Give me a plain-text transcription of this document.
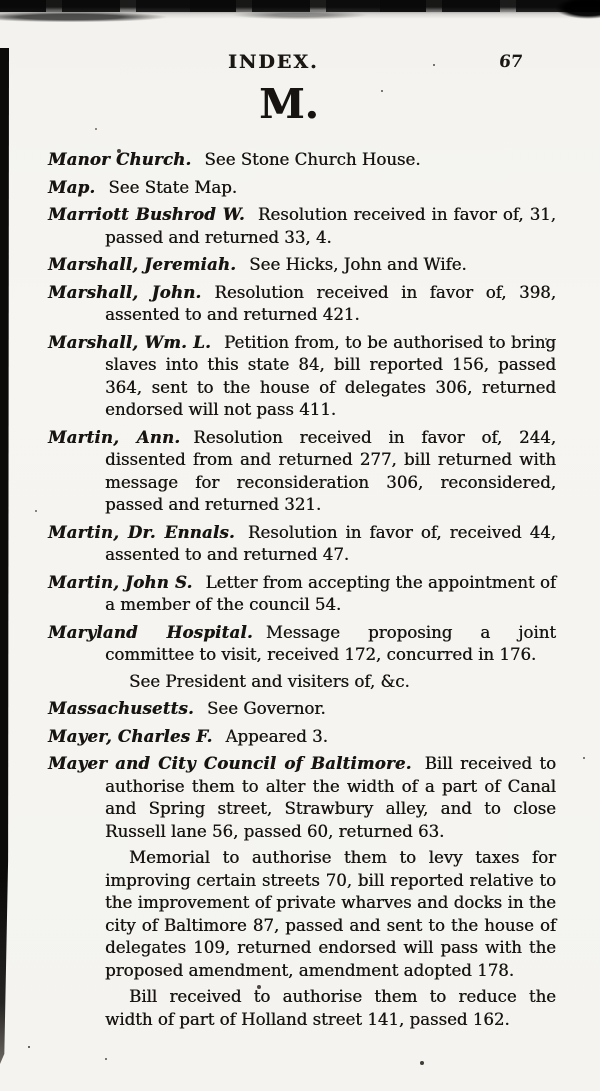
INDEX.	67
M.

Manor Church. See Stone Church House.

Map. See State Map.

Marriott Bushrod W. Resolution received in favor of, 31, passed and returned 33, 4.

Marshall, Jeremiah. See Hicks, John and Wife.

Marshall, John. Resolution received in favor of, 398, assented to and returned 421.

Marshall, Wm. L. Petition from, to be authorised to bring slaves into this state 84, bill reported 156, passed 364, sent to the house of delegates 306, returned endorsed will not pass 411.

Martin, Ann. Resolution received in favor of, 244, dissented from and returned 277, bill returned with message for reconsideration 306, reconsidered, passed and returned 321.

Martin, Dr. Ennals. Resolution in favor of, received 44, assented to and returned 47.

Martin, John S. Letter from accepting the appointment of a member of the council 54.

Maryland Hospital. Message proposing a joint committee to visit, received 172, concurred in 176.

See President and visiters of, &c.

Massachusetts. See Governor.

Mayer, Charles F. Appeared 3.

Mayer and City Council of Baltimore. Bill received to authorise them to alter the width of a part of Canal and Spring street, Strawbury alley, and to close Russell lane 56, passed 60, returned 63.

Memorial to authorise them to levy taxes for improving certain streets 70, bill reported relative to the improvement of private wharves and docks in the city of Baltimore 87, passed and sent to the house of delegates 109, returned endorsed will pass with the proposed amendment, amendment adopted 178.

Bill received to authorise them to reduce the width of part of Holland street 141, passed 162.
